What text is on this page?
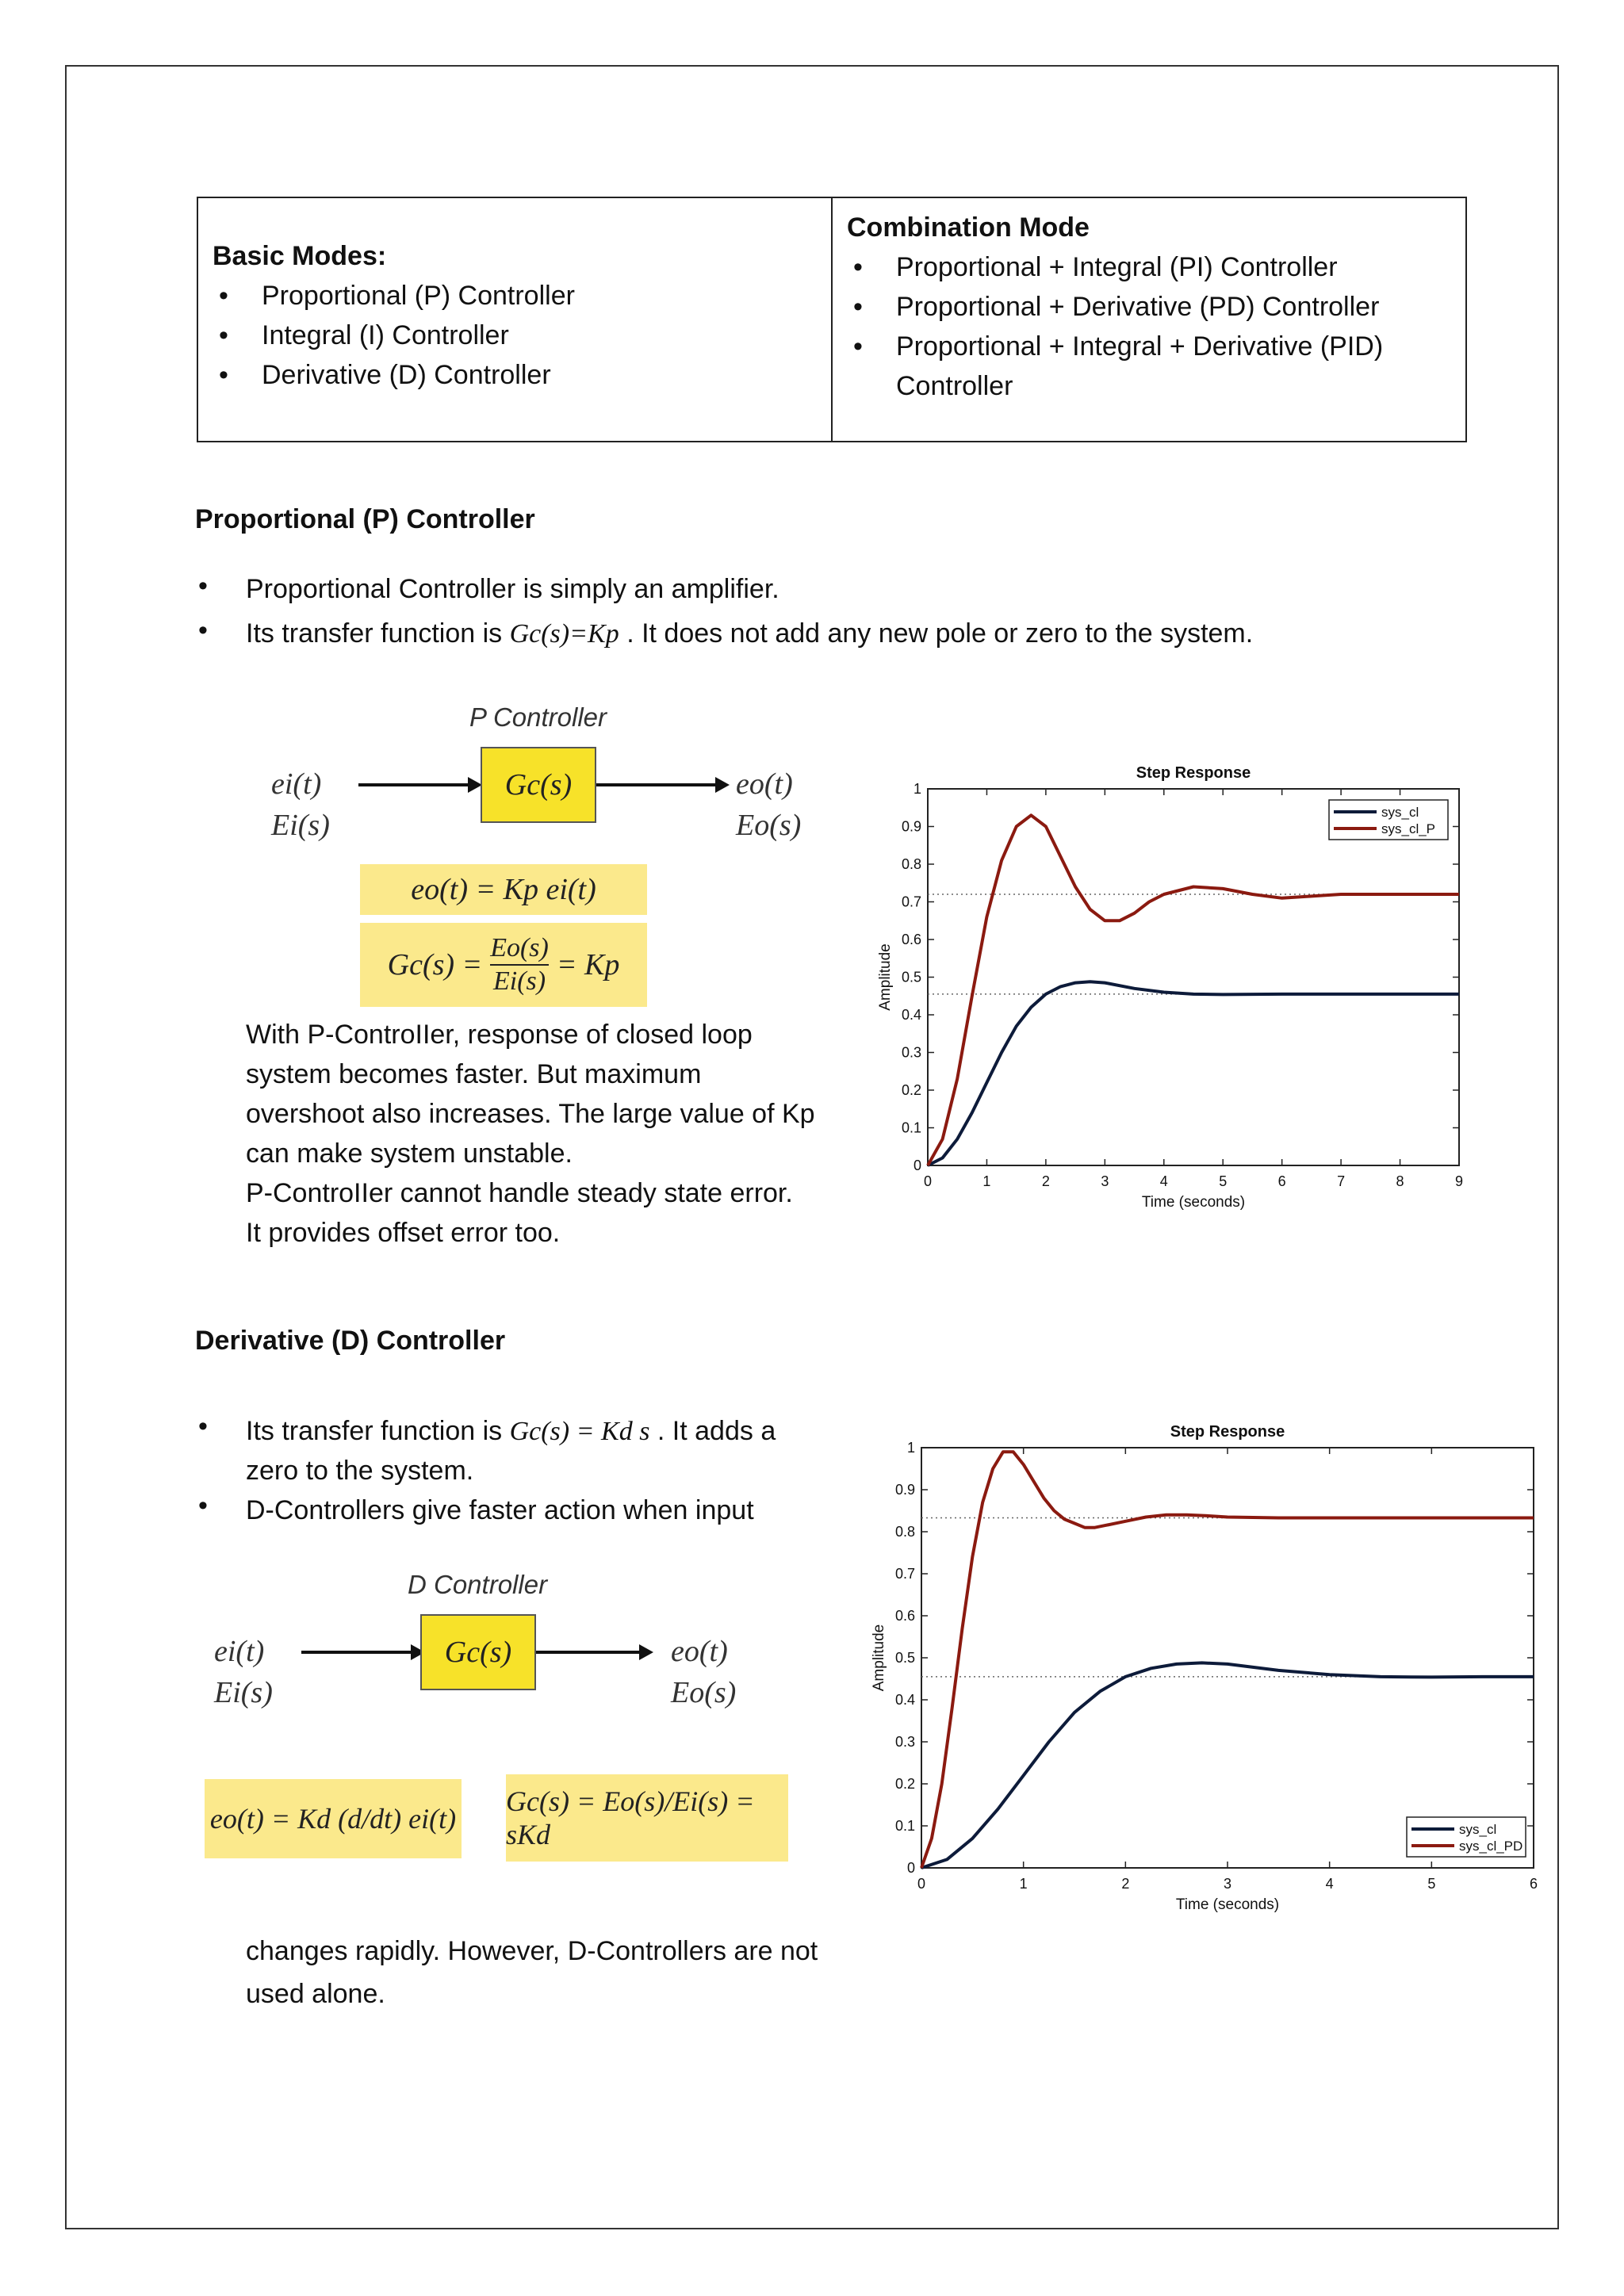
Basic Modes:
• Proportional (P) Controller
• Integral (I) Controller
• Derivative (D) Controller
Combination Mode
• Proportional + Integral (PI) Controller
• Proportional + Derivative (PD) Controller
• Proportional + Integral + Derivative (PID) Controller
Proportional (P) Controller
• Proportional Controller is simply an amplifier.
• Its transfer function is Gc(s)=Kp . It does not add any new pole or zero to the system.
P Controller
ei(t)
Ei(s)
Gc(s)	eo(t)
Eo(s)
eo(t) = Kp ei(t)
Gc(s) =
Eo(s)
Ei(s) = Kp
With P-ControIIer, response of closed loop
system becomes faster. But maximum
overshoot also increases. The large value of Kp
can make system unstable.
P-ControIIer cannot handle steady state error.
It provides offset error too.
Step Response
Time (seconds)
Amplitude
0	1	2	3	4	5	6	7	8	9
0
0.1
0.2
0.3
0.4
0.5
0.6
0.7
0.8
0.9
1
sys_cl
sys_cl_P
Derivative (D) Controller
• Its transfer function is Gc(s) = Kd s . It adds a
zero to the system.
• D-Controllers give faster action when input
D Controller
ei(t)
Ei(s)
Gc(s)	eo(t)
Eo(s)
eo(t) = Kd (d/dt) ei(t)
Gc(s) = Eo(s)/Ei(s) = sKd
changes rapidly. However, D-Controllers are not
used alone.
Step Response
Time (seconds)
Amplitude
0	1	2	3	4	5	6
0
0.1
0.2
0.3
0.4
0.5
0.6
0.7
0.8
0.9
1
sys_cl
sys_cl_PD
